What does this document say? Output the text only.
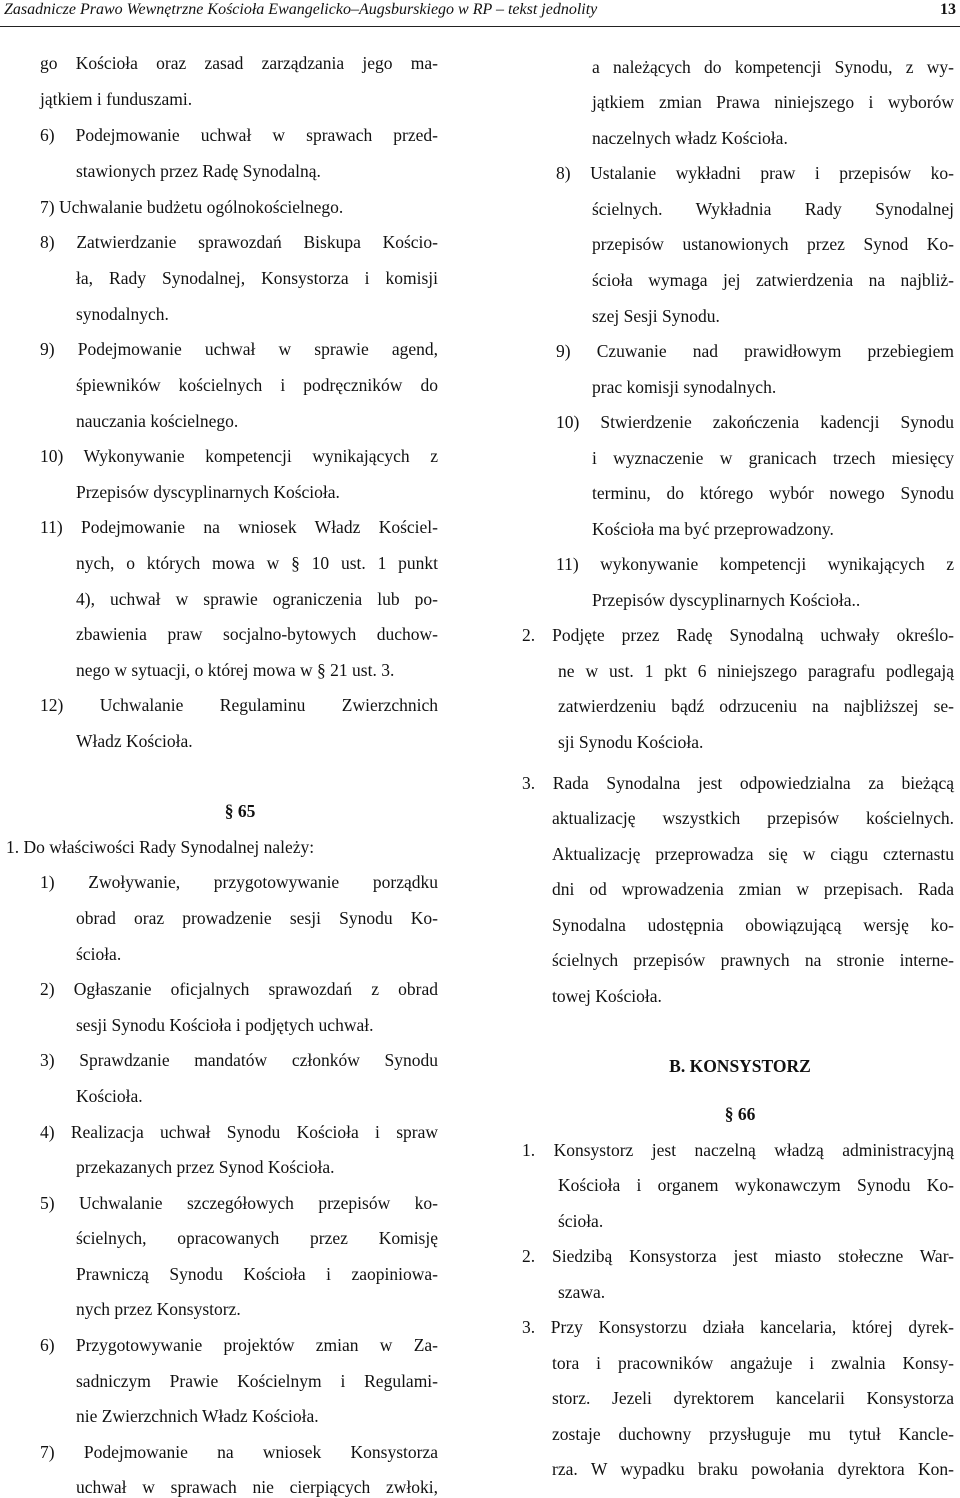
Zasadnicze Prawo Wewnętrzne Kościoła Ewangelicko–Augsburskiego w RP – tekst jednolity	13
go Kościoła oraz zasad zarządzania jego ma-
jątkiem i funduszami.
6) Podejmowanie uchwał w sprawach przed-
stawionych przez Radę Synodalną.
7) Uchwalanie budżetu ogólnokościelnego.
8) Zatwierdzanie sprawozdań Biskupa Kościo-
ła, Rady Synodalnej, Konsystorza i komisji
synodalnych.
9) Podejmowanie uchwał w sprawie agend,
śpiewników kościelnych i podręczników do
nauczania kościelnego.
10) Wykonywanie kompetencji wynikających z
Przepisów dyscyplinarnych Kościoła.
11) Podejmowanie na wniosek Władz Kościel-
nych, o których mowa w § 10 ust. 1 punkt
4), uchwał w sprawie ograniczenia lub po-
zbawienia praw socjalno-bytowych duchow-
nego w sytuacji, o której mowa w § 21 ust. 3.
12) Uchwalanie Regulaminu Zwierzchnich
Władz Kościoła.
§ 65
1. Do właściwości Rady Synodalnej należy:
1) Zwoływanie, przygotowywanie porządku
obrad oraz prowadzenie sesji Synodu Ko-
ścioła.
2) Ogłaszanie oficjalnych sprawozdań z obrad
sesji Synodu Kościoła i podjętych uchwał.
3) Sprawdzanie mandatów członków Synodu
Kościoła.
4) Realizacja uchwał Synodu Kościoła i spraw
przekazanych przez Synod Kościoła.
5) Uchwalanie szczegółowych przepisów ko-
ścielnych, opracowanych przez Komisję
Prawniczą Synodu Kościoła i zaopiniowa-
nych przez Konsystorz.
6) Przygotowywanie projektów zmian w Za-
sadniczym Prawie Kościelnym i Regulami-
nie Zwierzchnich Władz Kościoła.
7) Podejmowanie na wniosek Konsystorza
uchwał w sprawach nie cierpiących zwłoki,
a należących do kompetencji Synodu, z wy-
jątkiem zmian Prawa niniejszego i wyborów
naczelnych władz Kościoła.
8) Ustalanie wykładni praw i przepisów ko-
ścielnych. Wykładnia Rady Synodalnej
przepisów ustanowionych przez Synod Ko-
ścioła wymaga jej zatwierdzenia na najbliż-
szej Sesji Synodu.
9) Czuwanie nad prawidłowym przebiegiem
prac komisji synodalnych.
10) Stwierdzenie zakończenia kadencji Synodu
i wyznaczenie w granicach trzech miesięcy
terminu, do którego wybór nowego Synodu
Kościoła ma być przeprowadzony.
11) wykonywanie kompetencji wynikających z
Przepisów dyscyplinarnych Kościoła..
2. Podjęte przez Radę Synodalną uchwały określo-
ne w ust. 1 pkt 6 niniejszego paragrafu podlegają
zatwierdzeniu bądź odrzuceniu na najbliższej se-
sji Synodu Kościoła.
3. Rada Synodalna jest odpowiedzialna za bieżącą
aktualizację wszystkich przepisów kościelnych.
Aktualizację przeprowadza się w ciągu czternastu
dni od wprowadzenia zmian w przepisach. Rada
Synodalna udostępnia obowiązującą wersję ko-
ścielnych przepisów prawnych na stronie interne-
towej Kościoła.
B. KONSYSTORZ
§ 66
1. Konsystorz jest naczelną władzą administracyjną
Kościoła i organem wykonawczym Synodu Ko-
ścioła.
2. Siedzibą Konsystorza jest miasto stołeczne War-
szawa.
3. Przy Konsystorzu działa kancelaria, której dyrek-
tora i pracowników angażuje i zwalnia Konsy-
storz. Jezeli dyrektorem kancelarii Konsystorza
zostaje duchowny przysługuje mu tytuł Kancle-
rza. W wypadku braku powołania dyrektora Kon-
